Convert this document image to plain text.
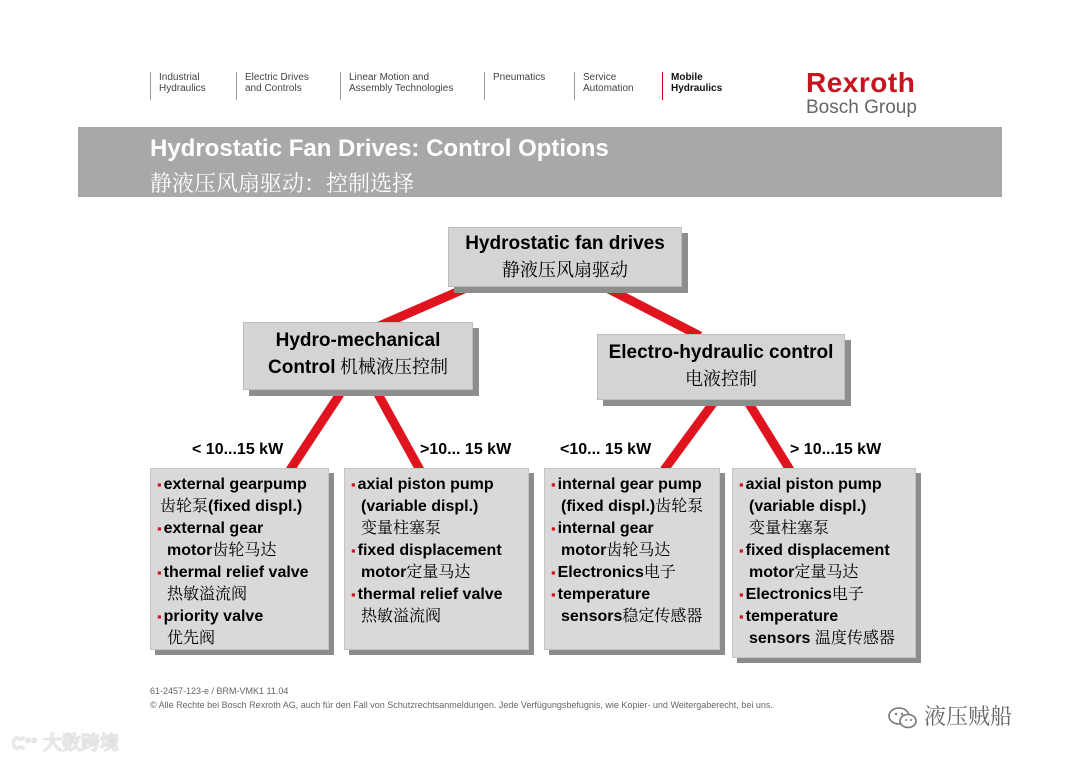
Industrial
Hydraulics
Electric Drives
and Controls
Linear Motion and
Assembly Technologies
Pneumatics	Service
Automation
Mobile
Hydraulics	Rexroth
Bosch Group
Hydrostatic Fan Drives: Control Options
静液压风扇驱动：控制选择
Hydrostatic fan drives
静液压风扇驱动
Hydro-mechanical
Control 机械液压控制
Electro-hydraulic control
电液控制
< 10...15 kW	>10... 15 kW	<10... 15 kW	> 10...15 kW
▪ external gearpump
齿轮泵(fixed displ.)
▪ external gear
motor齿轮马达
▪ thermal relief valve
热敏溢流阀
▪ priority valve
优先阀
▪ axial piston pump
(variable displ.)
变量柱塞泵
▪ fixed displacement
motor定量马达
▪ thermal relief valve
热敏溢流阀
▪ internal gear pump
(fixed displ.)齿轮泵
▪ internal gear
motor齿轮马达
▪ Electronics电子
▪ temperature
sensors稳定传感器
▪ axial piston pump
(variable displ.)
变量柱塞泵
▪ fixed displacement
motor定量马达
▪ Electronics电子
▪ temperature
sensors 温度传感器
61-2457-123-e / BRM-VMK1 11.04
© Alle Rechte bei Bosch Rexroth AG, auch für den Fall von Schutzrechtsanmeldungen. Jede Verfügungsbefugnis, wie Kopier- und Weitergaberecht, bei uns.	液压贼船
ᙅ°° 大数跨境
